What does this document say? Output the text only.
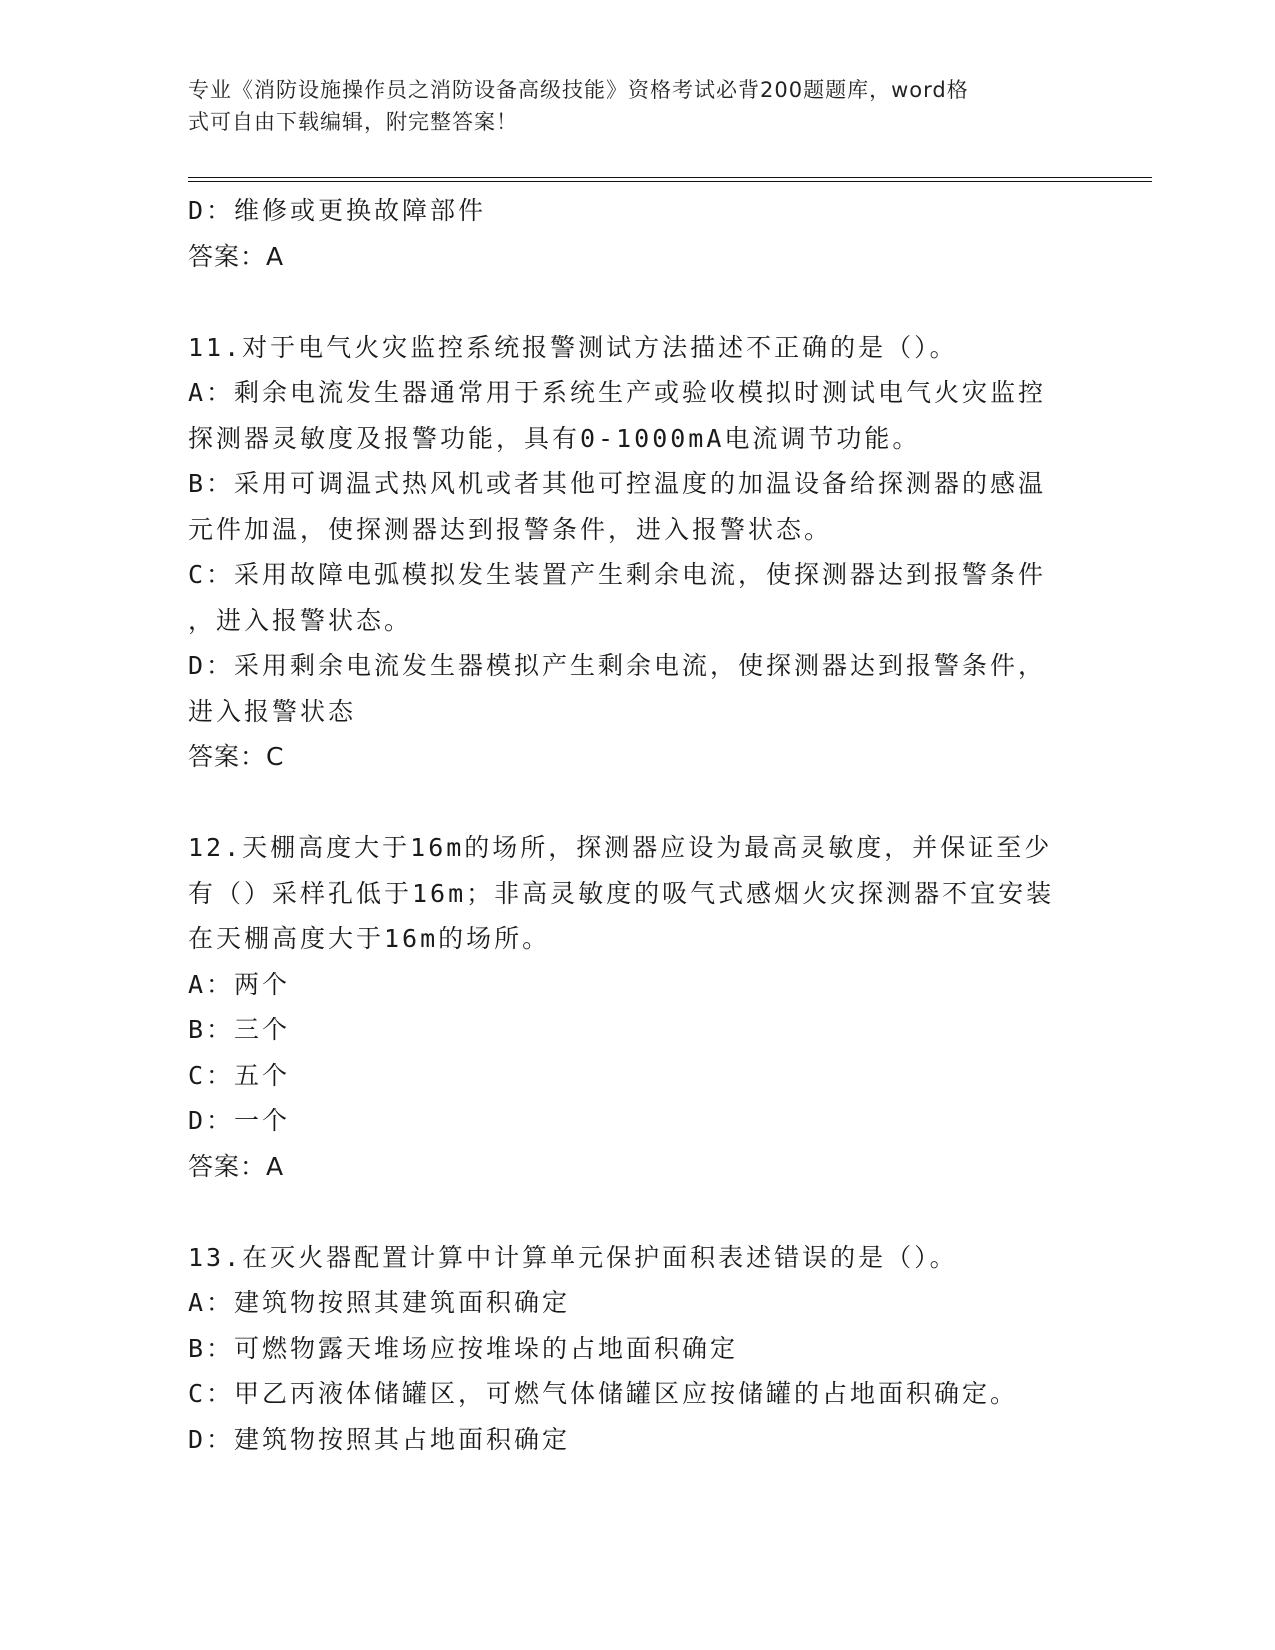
专业《消防设施操作员之消防设备高级技能》资格考试必背200题题库，word格
式可自由下载编辑，附完整答案！

D：维修或更换故障部件

答案：A

11.对于电气火灾监控系统报警测试方法描述不正确的是（）。

A：剩余电流发生器通常用于系统生产或验收模拟时测试电气火灾监控

探测器灵敏度及报警功能，具有0-1000mA电流调节功能。

B：采用可调温式热风机或者其他可控温度的加温设备给探测器的感温

元件加温，使探测器达到报警条件，进入报警状态。

C：采用故障电弧模拟发生装置产生剩余电流，使探测器达到报警条件

，进入报警状态。

D：采用剩余电流发生器模拟产生剩余电流，使探测器达到报警条件，

进入报警状态

答案：C

12.天棚高度大于16m的场所，探测器应设为最高灵敏度，并保证至少

有（）采样孔低于16m；非高灵敏度的吸气式感烟火灾探测器不宜安装

在天棚高度大于16m的场所。

A：两个

B：三个

C：五个

D：一个

答案：A

13.在灭火器配置计算中计算单元保护面积表述错误的是（）。

A：建筑物按照其建筑面积确定

B：可燃物露天堆场应按堆垛的占地面积确定

C：甲乙丙液体储罐区，可燃气体储罐区应按储罐的占地面积确定。

D：建筑物按照其占地面积确定
